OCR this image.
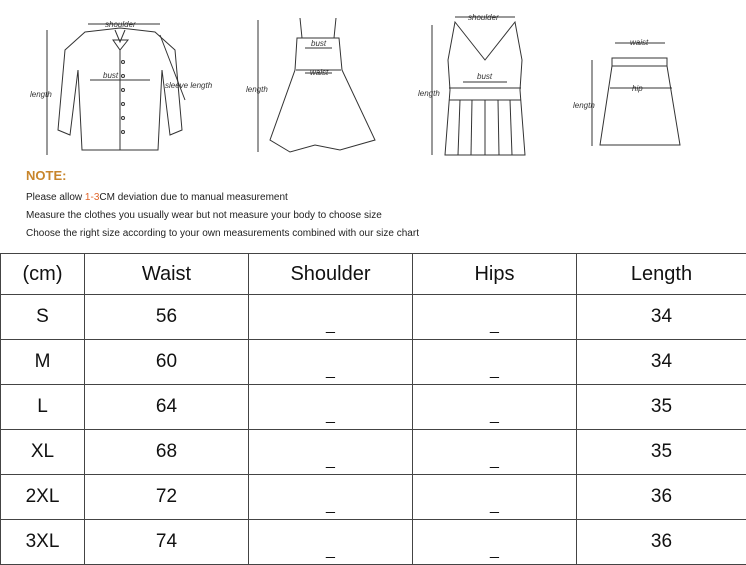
shoulder
bust
length
sleeve length
bust
waist
length
shoulder
bust
length
waist
hip
length
NOTE:
Please allow 1-3CM deviation due to manual measurement
Measure the clothes you usually wear but not measure your body to choose size
Choose the right size according to your own measurements combined with our size chart
(cm)	Waist	Shoulder	Hips	Length
S	56	_	_	34
M	60	_	_	34
L	64	_	_	35
XL	68	_	_	35
2XL	72	_	_	36
3XL	74	_	_	36
